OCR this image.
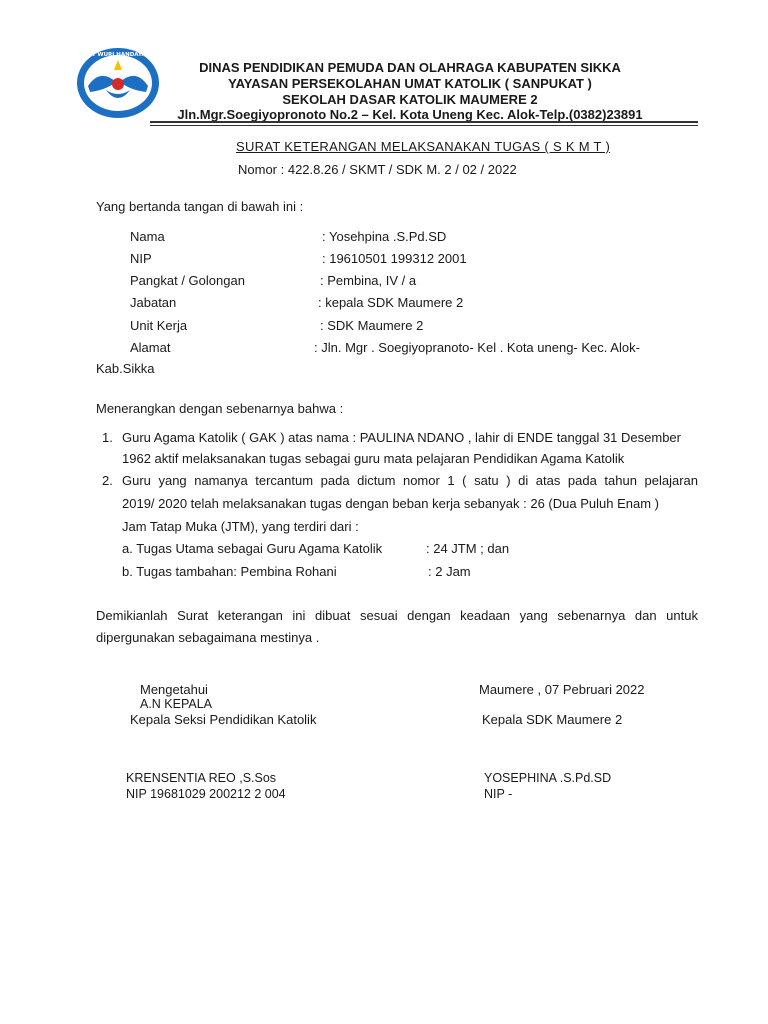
TUT WURI HANDAYANI
DINAS PENDIDIKAN PEMUDA DAN OLAHRAGA KABUPATEN SIKKA
YAYASAN PERSEKOLAHAN UMAT KATOLIK ( SANPUKAT )
SEKOLAH DASAR KATOLIK MAUMERE 2
Jln.Mgr.Soegiyopronoto No.2 – Kel. Kota Uneng Kec. Alok-Telp.(0382)23891
SURAT KETERANGAN MELAKSANAKAN TUGAS ( S K M T )
Nomor : 422.8.26 / SKMT / SDK M. 2 / 02 / 2022
Yang bertanda tangan di bawah ini :
Nama	: Yosehpina .S.Pd.SD
NIP	: 19610501 199312 2001
Pangkat / Golongan	: Pembina, IV / a
Jabatan	: kepala SDK Maumere 2
Unit Kerja	: SDK Maumere 2
Alamat	: Jln. Mgr . Soegiyopranoto- Kel . Kota uneng- Kec. Alok-
Kab.Sikka
Menerangkan dengan sebenarnya bahwa :
1. Guru Agama Katolik ( GAK ) atas nama : PAULINA NDANO , lahir di ENDE tanggal 31 Desember
1962 aktif melaksanakan tugas sebagai guru mata pelajaran Pendidikan Agama Katolik
2. Guru yang namanya tercantum pada dictum nomor 1 ( satu ) di atas pada tahun pelajaran
2019/ 2020 telah melaksanakan tugas dengan beban kerja sebanyak : 26 (Dua Puluh Enam )
Jam Tatap Muka (JTM), yang terdiri dari :
a. Tugas Utama sebagai Guru Agama Katolik	: 24 JTM ; dan
b. Tugas tambahan: Pembina Rohani	: 2 Jam
Demikianlah Surat keterangan ini dibuat sesuai dengan keadaan yang sebenarnya dan untuk
dipergunakan sebagaimana mestinya .
Mengetahui
A.N KEPALA
Kepala Seksi Pendidikan Katolik
KRENSENTIA REO ,S.Sos
NIP 19681029 200212 2 004
Maumere , 07 Pebruari 2022
Kepala SDK Maumere 2
YOSEPHINA .S.Pd.SD
NIP -
